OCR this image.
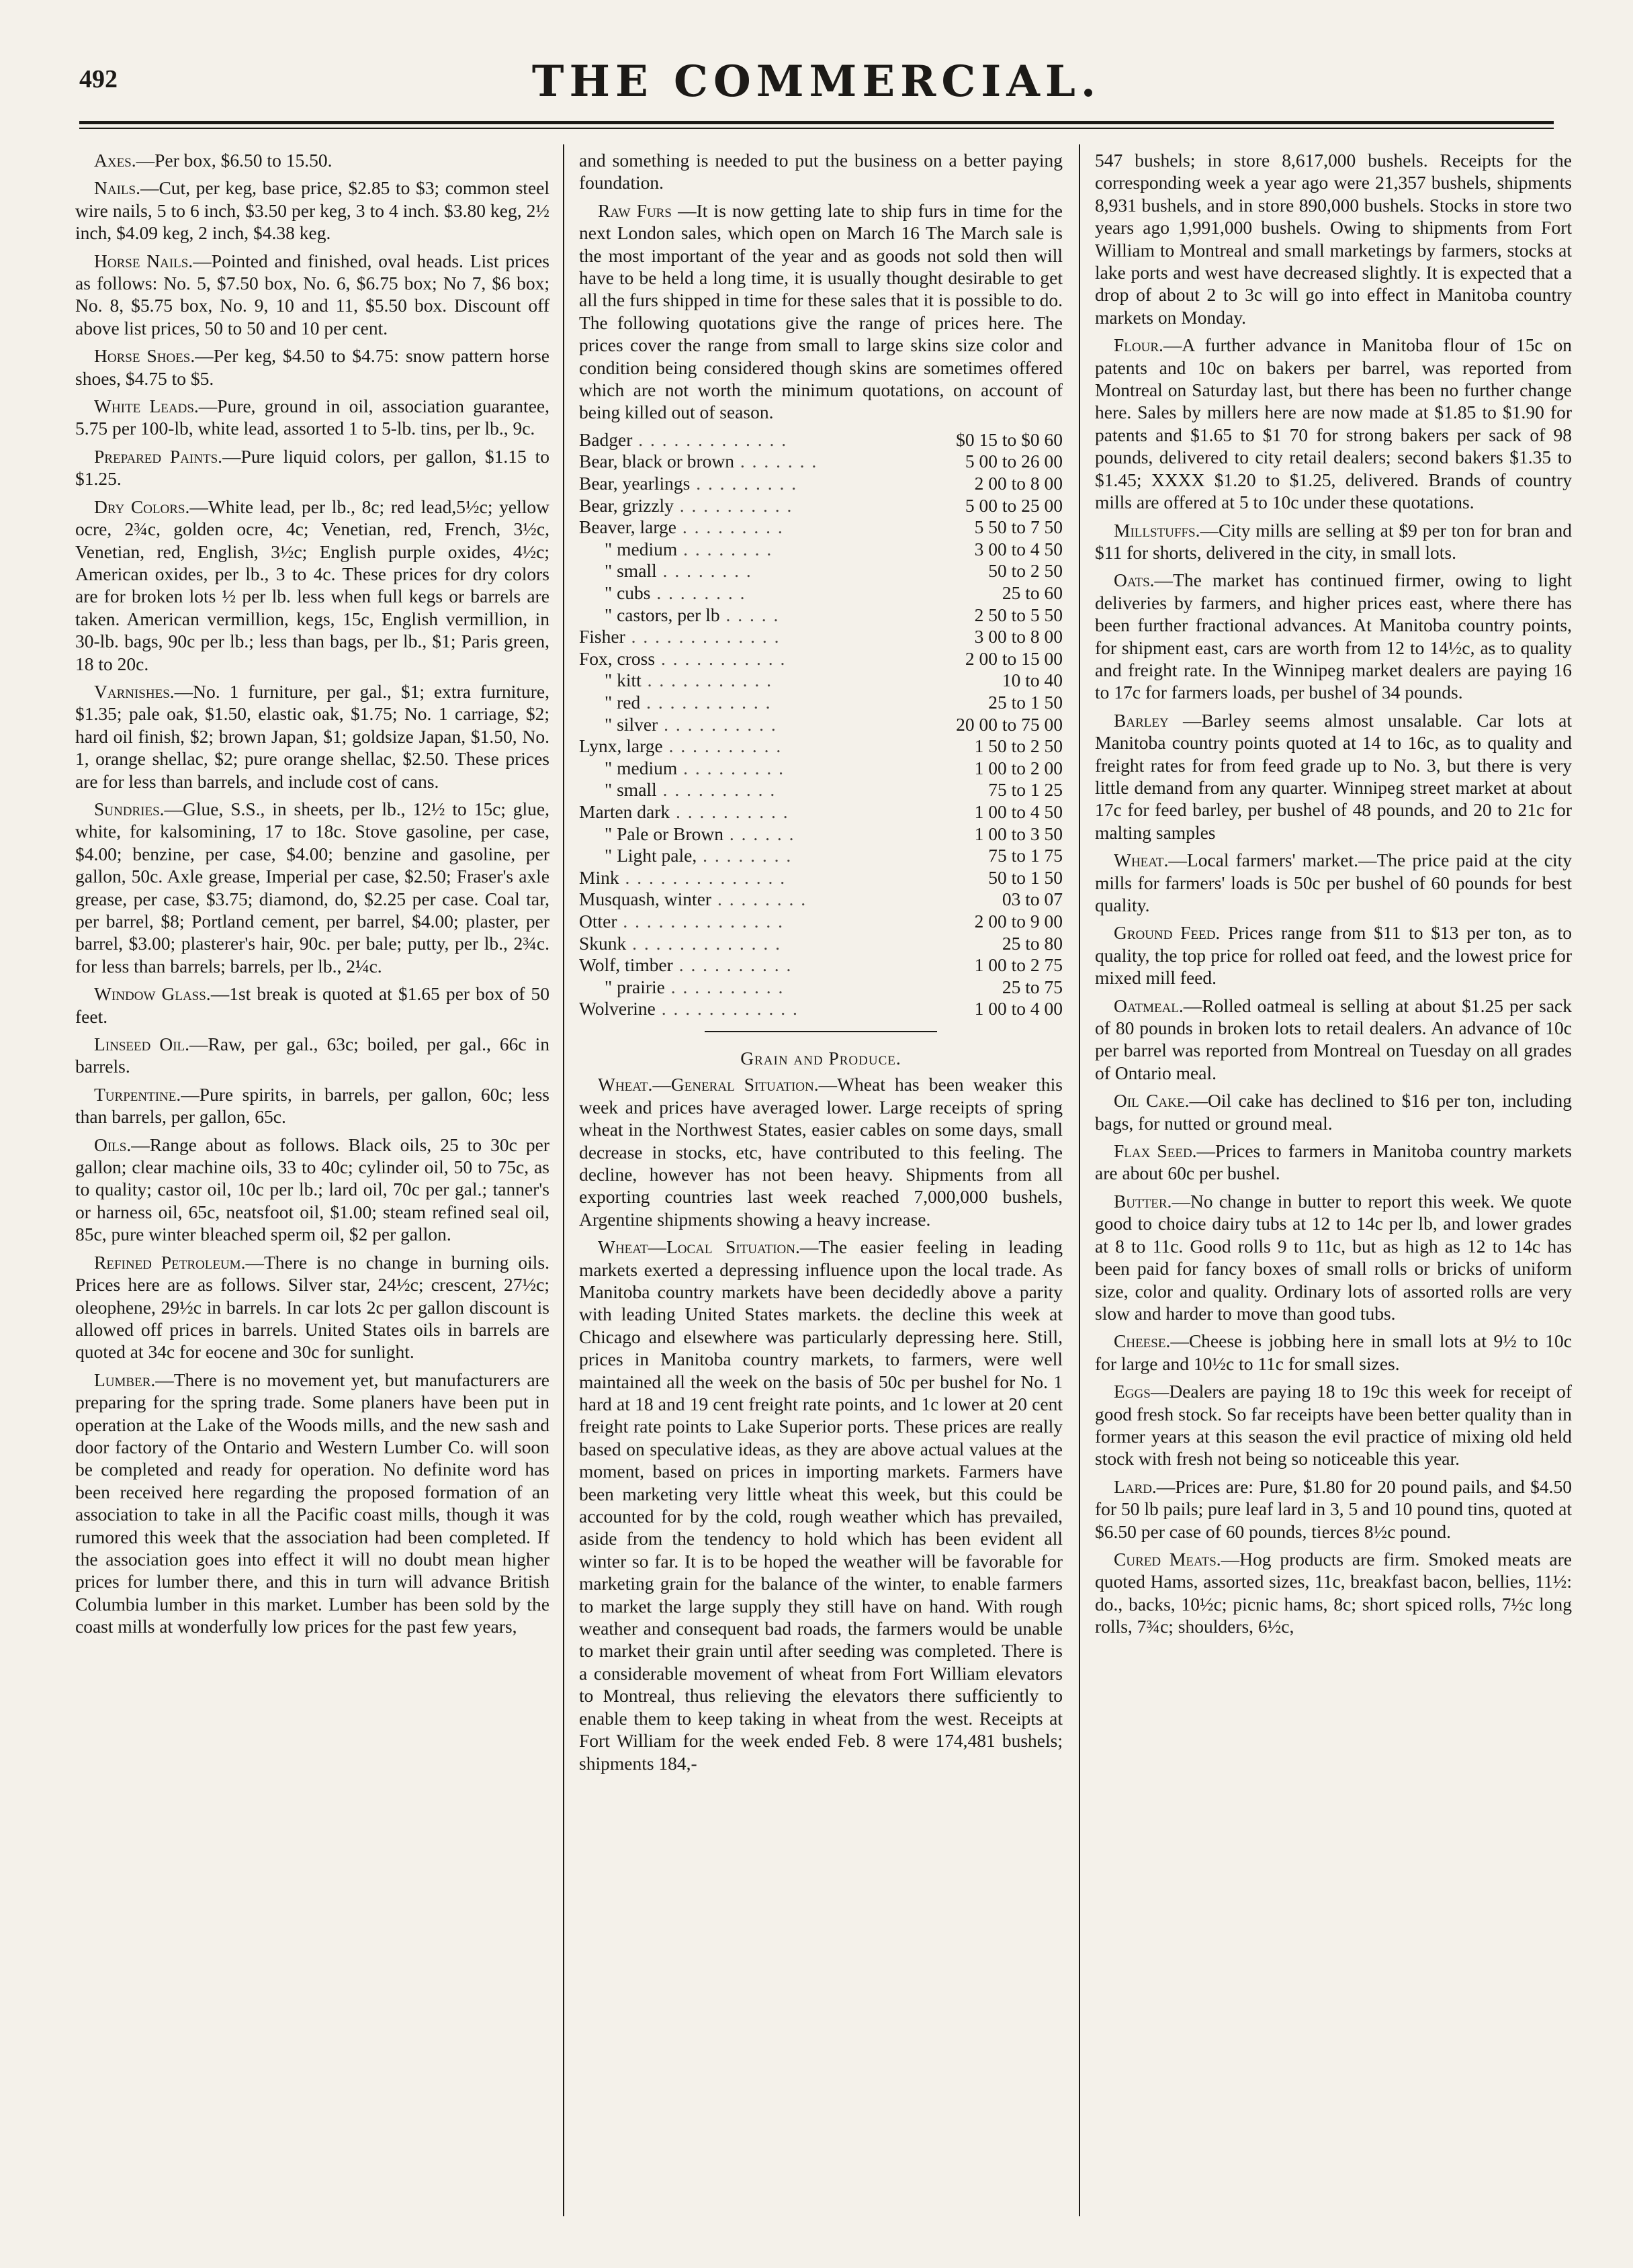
492	THE COMMERCIAL.

Axes.—Per box, $6.50 to 15.50.

Nails.—Cut, per keg, base price, $2.85 to $3; common steel wire nails, 5 to 6 inch, $3.50 per keg, 3 to 4 inch. $3.80 keg, 2½ inch, $4.09 keg, 2 inch, $4.38 keg.

Horse Nails.—Pointed and finished, oval heads. List prices as follows: No. 5, $7.50 box, No. 6, $6.75 box; No 7, $6 box; No. 8, $5.75 box, No. 9, 10 and 11, $5.50 box. Discount off above list prices, 50 to 50 and 10 per cent.

Horse Shoes.—Per keg, $4.50 to $4.75: snow pattern horse shoes, $4.75 to $5.

White Leads.—Pure, ground in oil, association guarantee, 5.75 per 100-lb, white lead, assorted 1 to 5-lb. tins, per lb., 9c.

Prepared Paints.—Pure liquid colors, per gallon, $1.15 to $1.25.

Dry Colors.—White lead, per lb., 8c; red lead,5½c; yellow ocre, 2¾c, golden ocre, 4c; Venetian, red, French, 3½c, Venetian, red, English, 3½c; English purple oxides, 4½c; American oxides, per lb., 3 to 4c. These prices for dry colors are for broken lots ½ per lb. less when full kegs or barrels are taken. American vermillion, kegs, 15c, English vermillion, in 30-lb. bags, 90c per lb.; less than bags, per lb., $1; Paris green, 18 to 20c.

Varnishes.—No. 1 furniture, per gal., $1; extra furniture, $1.35; pale oak, $1.50, elastic oak, $1.75; No. 1 carriage, $2; hard oil finish, $2; brown Japan, $1; goldsize Japan, $1.50, No. 1, orange shellac, $2; pure orange shellac, $2.50. These prices are for less than barrels, and include cost of cans.

Sundries.—Glue, S.S., in sheets, per lb., 12½ to 15c; glue, white, for kalsomining, 17 to 18c. Stove gasoline, per case, $4.00; benzine, per case, $4.00; benzine and gasoline, per gallon, 50c. Axle grease, Imperial per case, $2.50; Fraser's axle grease, per case, $3.75; diamond, do, $2.25 per case. Coal tar, per barrel, $8; Portland cement, per barrel, $4.00; plaster, per barrel, $3.00; plasterer's hair, 90c. per bale; putty, per lb., 2¾c. for less than barrels; barrels, per lb., 2¼c.

Window Glass.—1st break is quoted at $1.65 per box of 50 feet.

Linseed Oil.—Raw, per gal., 63c; boiled, per gal., 66c in barrels.

Turpentine.—Pure spirits, in barrels, per gallon, 60c; less than barrels, per gallon, 65c.

Oils.—Range about as follows. Black oils, 25 to 30c per gallon; clear machine oils, 33 to 40c; cylinder oil, 50 to 75c, as to quality; castor oil, 10c per lb.; lard oil, 70c per gal.; tanner's or harness oil, 65c, neatsfoot oil, $1.00; steam refined seal oil, 85c, pure winter bleached sperm oil, $2 per gallon.

Refined Petroleum.—There is no change in burning oils. Prices here are as follows. Silver star, 24½c; crescent, 27½c; oleophene, 29½c in barrels. In car lots 2c per gallon discount is allowed off prices in barrels. United States oils in barrels are quoted at 34c for eocene and 30c for sunlight.

Lumber.—There is no movement yet, but manufacturers are preparing for the spring trade. Some planers have been put in operation at the Lake of the Woods mills, and the new sash and door factory of the Ontario and Western Lumber Co. will soon be completed and ready for operation. No definite word has been received here regarding the proposed formation of an association to take in all the Pacific coast mills, though it was rumored this week that the association had been completed. If the association goes into effect it will no doubt mean higher prices for lumber there, and this in turn will advance British Columbia lumber in this market. Lumber has been sold by the coast mills at wonderfully low prices for the past few years,

and something is needed to put the business on a better paying foundation.

Raw Furs —It is now getting late to ship furs in time for the next London sales, which open on March 16 The March sale is the most important of the year and as goods not sold then will have to be held a long time, it is usually thought desirable to get all the furs shipped in time for these sales that it is possible to do. The following quotations give the range of prices here. The prices cover the range from small to large skins size color and condition being considered though skins are sometimes offered which are not worth the minimum quotations, on account of being killed out of season.

Badger . . . . . . . . . . . . .	$0 15 to $0 60
Bear, black or brown . . . . . . .	5 00 to 26 00
Bear, yearlings . . . . . . . . .	2 00 to 8 00
Bear, grizzly . . . . . . . . . .	5 00 to 25 00
Beaver, large . . . . . . . . .	5 50 to 7 50
" medium . . . . . . . .	3 00 to 4 50
" small . . . . . . . .	50 to 2 50
" cubs . . . . . . . .	25 to 60
" castors, per lb . . . . .	2 50 to 5 50
Fisher . . . . . . . . . . . . .	3 00 to 8 00
Fox, cross . . . . . . . . . . .	2 00 to 15 00
" kitt . . . . . . . . . . .	10 to 40
" red . . . . . . . . . . .	25 to 1 50
" silver . . . . . . . . . .	20 00 to 75 00
Lynx, large . . . . . . . . . .	1 50 to 2 50
" medium . . . . . . . . .	1 00 to 2 00
" small . . . . . . . . . .	75 to 1 25
Marten dark . . . . . . . . . .	1 00 to 4 50
" Pale or Brown . . . . . .	1 00 to 3 50
" Light pale, . . . . . . . .	75 to 1 75
Mink . . . . . . . . . . . . . .	50 to 1 50
Musquash, winter . . . . . . . .	03 to 07
Otter . . . . . . . . . . . . . .	2 00 to 9 00
Skunk . . . . . . . . . . . . .	25 to 80
Wolf, timber . . . . . . . . . .	1 00 to 2 75
" prairie . . . . . . . . . .	25 to 75
Wolverine . . . . . . . . . . . .	1 00 to 4 00
Grain and Produce.

Wheat.—General Situation.—Wheat has been weaker this week and prices have averaged lower. Large receipts of spring wheat in the Northwest States, easier cables on some days, small decrease in stocks, etc, have contributed to this feeling. The decline, however has not been heavy. Shipments from all exporting countries last week reached 7,000,000 bushels, Argentine shipments showing a heavy increase.

Wheat—Local Situation.—The easier feeling in leading markets exerted a depressing influence upon the local trade. As Manitoba country markets have been decidedly above a parity with leading United States markets. the decline this week at Chicago and elsewhere was particularly depressing here. Still, prices in Manitoba country markets, to farmers, were well maintained all the week on the basis of 50c per bushel for No. 1 hard at 18 and 19 cent freight rate points, and 1c lower at 20 cent freight rate points to Lake Superior ports. These prices are really based on speculative ideas, as they are above actual values at the moment, based on prices in importing markets. Farmers have been marketing very little wheat this week, but this could be accounted for by the cold, rough weather which has prevailed, aside from the tendency to hold which has been evident all winter so far. It is to be hoped the weather will be favorable for marketing grain for the balance of the winter, to enable farmers to market the large supply they still have on hand. With rough weather and consequent bad roads, the farmers would be unable to market their grain until after seeding was completed. There is a considerable movement of wheat from Fort William elevators to Montreal, thus relieving the elevators there sufficiently to enable them to keep taking in wheat from the west. Receipts at Fort William for the week ended Feb. 8 were 174,481 bushels; shipments 184,-

547 bushels; in store 8,617,000 bushels. Receipts for the corresponding week a year ago were 21,357 bushels, shipments 8,931 bushels, and in store 890,000 bushels. Stocks in store two years ago 1,991,000 bushels. Owing to shipments from Fort William to Montreal and small marketings by farmers, stocks at lake ports and west have decreased slightly. It is expected that a drop of about 2 to 3c will go into effect in Manitoba country markets on Monday.

Flour.—A further advance in Manitoba flour of 15c on patents and 10c on bakers per barrel, was reported from Montreal on Saturday last, but there has been no further change here. Sales by millers here are now made at $1.85 to $1.90 for patents and $1.65 to $1 70 for strong bakers per sack of 98 pounds, delivered to city retail dealers; second bakers $1.35 to $1.45; XXXX $1.20 to $1.25, delivered. Brands of country mills are offered at 5 to 10c under these quotations.

Millstuffs.—City mills are selling at $9 per ton for bran and $11 for shorts, delivered in the city, in small lots.

Oats.—The market has continued firmer, owing to light deliveries by farmers, and higher prices east, where there has been further fractional advances. At Manitoba country points, for shipment east, cars are worth from 12 to 14½c, as to quality and freight rate. In the Winnipeg market dealers are paying 16 to 17c for farmers loads, per bushel of 34 pounds.

Barley —Barley seems almost unsalable. Car lots at Manitoba country points quoted at 14 to 16c, as to quality and freight rates for from feed grade up to No. 3, but there is very little demand from any quarter. Winnipeg street market at about 17c for feed barley, per bushel of 48 pounds, and 20 to 21c for malting samples

Wheat.—Local farmers' market.—The price paid at the city mills for farmers' loads is 50c per bushel of 60 pounds for best quality.

Ground Feed. Prices range from $11 to $13 per ton, as to quality, the top price for rolled oat feed, and the lowest price for mixed mill feed.

Oatmeal.—Rolled oatmeal is selling at about $1.25 per sack of 80 pounds in broken lots to retail dealers. An advance of 10c per barrel was reported from Montreal on Tuesday on all grades of Ontario meal.

Oil Cake.—Oil cake has declined to $16 per ton, including bags, for nutted or ground meal.

Flax Seed.—Prices to farmers in Manitoba country markets are about 60c per bushel.

Butter.—No change in butter to report this week. We quote good to choice dairy tubs at 12 to 14c per lb, and lower grades at 8 to 11c. Good rolls 9 to 11c, but as high as 12 to 14c has been paid for fancy boxes of small rolls or bricks of uniform size, color and quality. Ordinary lots of assorted rolls are very slow and harder to move than good tubs.

Cheese.—Cheese is jobbing here in small lots at 9½ to 10c for large and 10½c to 11c for small sizes.

Eggs—Dealers are paying 18 to 19c this week for receipt of good fresh stock. So far receipts have been better quality than in former years at this season the evil practice of mixing old held stock with fresh not being so noticeable this year.

Lard.—Prices are: Pure, $1.80 for 20 pound pails, and $4.50 for 50 lb pails; pure leaf lard in 3, 5 and 10 pound tins, quoted at $6.50 per case of 60 pounds, tierces 8½c pound.

Cured Meats.—Hog products are firm. Smoked meats are quoted Hams, assorted sizes, 11c, breakfast bacon, bellies, 11½: do., backs, 10½c; picnic hams, 8c; short spiced rolls, 7½c long rolls, 7¾c; shoulders, 6½c,
